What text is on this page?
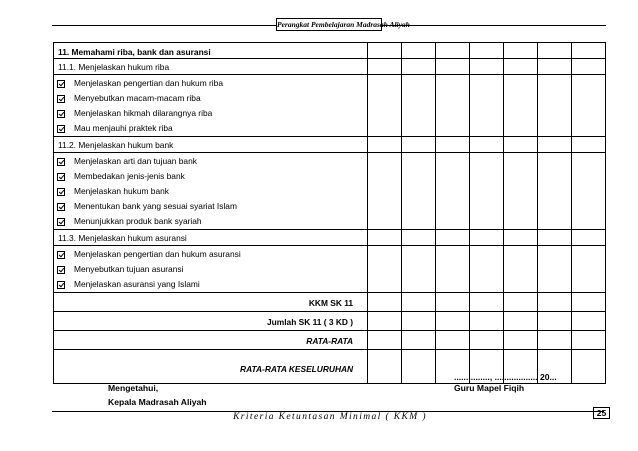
Perangkat Pembelajaran Madrasah Aliyah
11. Memahami riba, bank dan asuransi							

11.1. Menjelaskan hukum riba							

Menjelaskan pengertian dan hukum riba
Menyebutkan macam-macam riba
Menjelaskan hikmah dilarangnya riba
Mau menjauhi praktek riba							

11.2. Menjelaskan hukum bank							

Menjelaskan arti dan tujuan bank
Membedakan jenis-jenis bank
Menjelaskan hukum bank
Menentukan bank yang sesuai syariat Islam
Menunjukkan produk bank syariah							

11.3. Menjelaskan hukum asuransi							

Menjelaskan pengertian dan hukum asuransi
Menyebutkan tujuan asuransi
Menjelaskan asuransi yang Islami							

KKM SK 11							

Jumlah SK 11 ( 3 KD )							

RATA-RATA							

RATA-RATA KESELURUHAN							

..............., .................. 20...
Mengetahui,	Guru Mapel Fiqih
Kepala Madrasah Aliyah
25
Kriteria Ketuntasan Minimal ( KKM )
